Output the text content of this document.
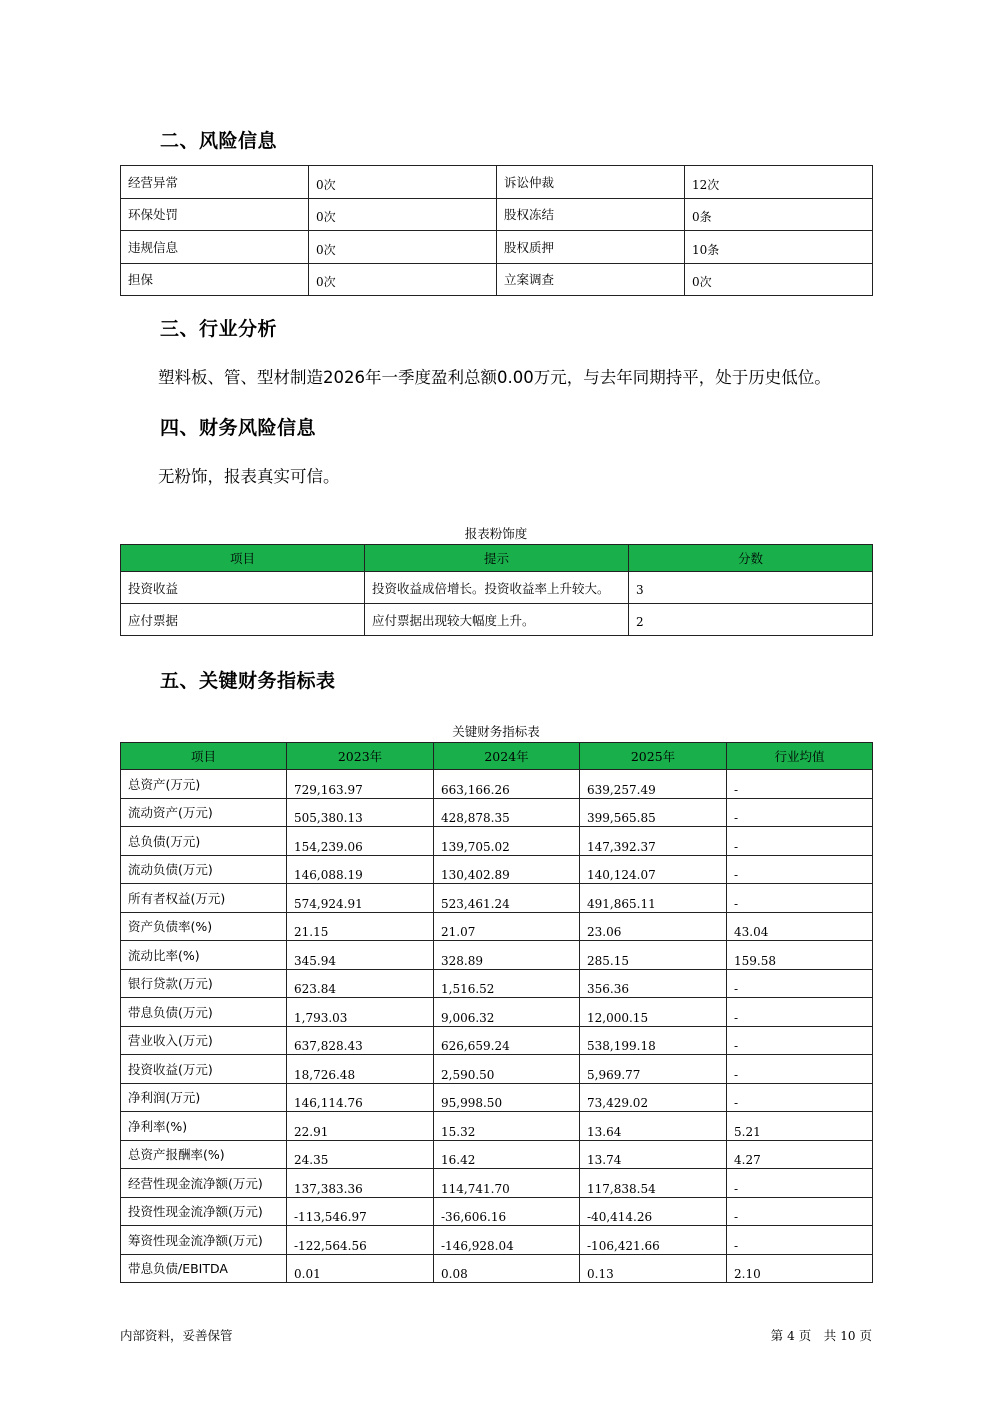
二、风险信息
经营异常	0次	诉讼仲裁	12次
环保处罚	0次	股权冻结	0条
违规信息	0次	股权质押	10条
担保	0次	立案调查	0次
三、行业分析

塑料板、管、型材制造2026年一季度盈利总额0.00万元，与去年同期持平，处于历史低位。

四、财务风险信息

无粉饰，报表真实可信。

报表粉饰度

项目	提示	分数
投资收益	投资收益成倍增长。投资收益率上升较大。	3
应付票据	应付票据出现较大幅度上升。	2
五、关键财务指标表

关键财务指标表

项目	2023年	2024年	2025年	行业均值
总资产(万元)	729,163.97	663,166.26	639,257.49	-
流动资产(万元)	505,380.13	428,878.35	399,565.85	-
总负债(万元)	154,239.06	139,705.02	147,392.37	-
流动负债(万元)	146,088.19	130,402.89	140,124.07	-
所有者权益(万元)	574,924.91	523,461.24	491,865.11	-
资产负债率(%)	21.15	21.07	23.06	43.04
流动比率(%)	345.94	328.89	285.15	159.58
银行贷款(万元)	623.84	1,516.52	356.36	-
带息负债(万元)	1,793.03	9,006.32	12,000.15	-
营业收入(万元)	637,828.43	626,659.24	538,199.18	-
投资收益(万元)	18,726.48	2,590.50	5,969.77	-
净利润(万元)	146,114.76	95,998.50	73,429.02	-
净利率(%)	22.91	15.32	13.64	5.21
总资产报酬率(%)	24.35	16.42	13.74	4.27
经营性现金流净额(万元)	137,383.36	114,741.70	117,838.54	-
投资性现金流净额(万元)	-113,546.97	-36,606.16	-40,414.26	-
筹资性现金流净额(万元)	-122,564.56	-146,928.04	-106,421.66	-
带息负债/EBITDA	0.01	0.08	0.13	2.10

内部资料，妥善保管	第 4 页　共 10 页
